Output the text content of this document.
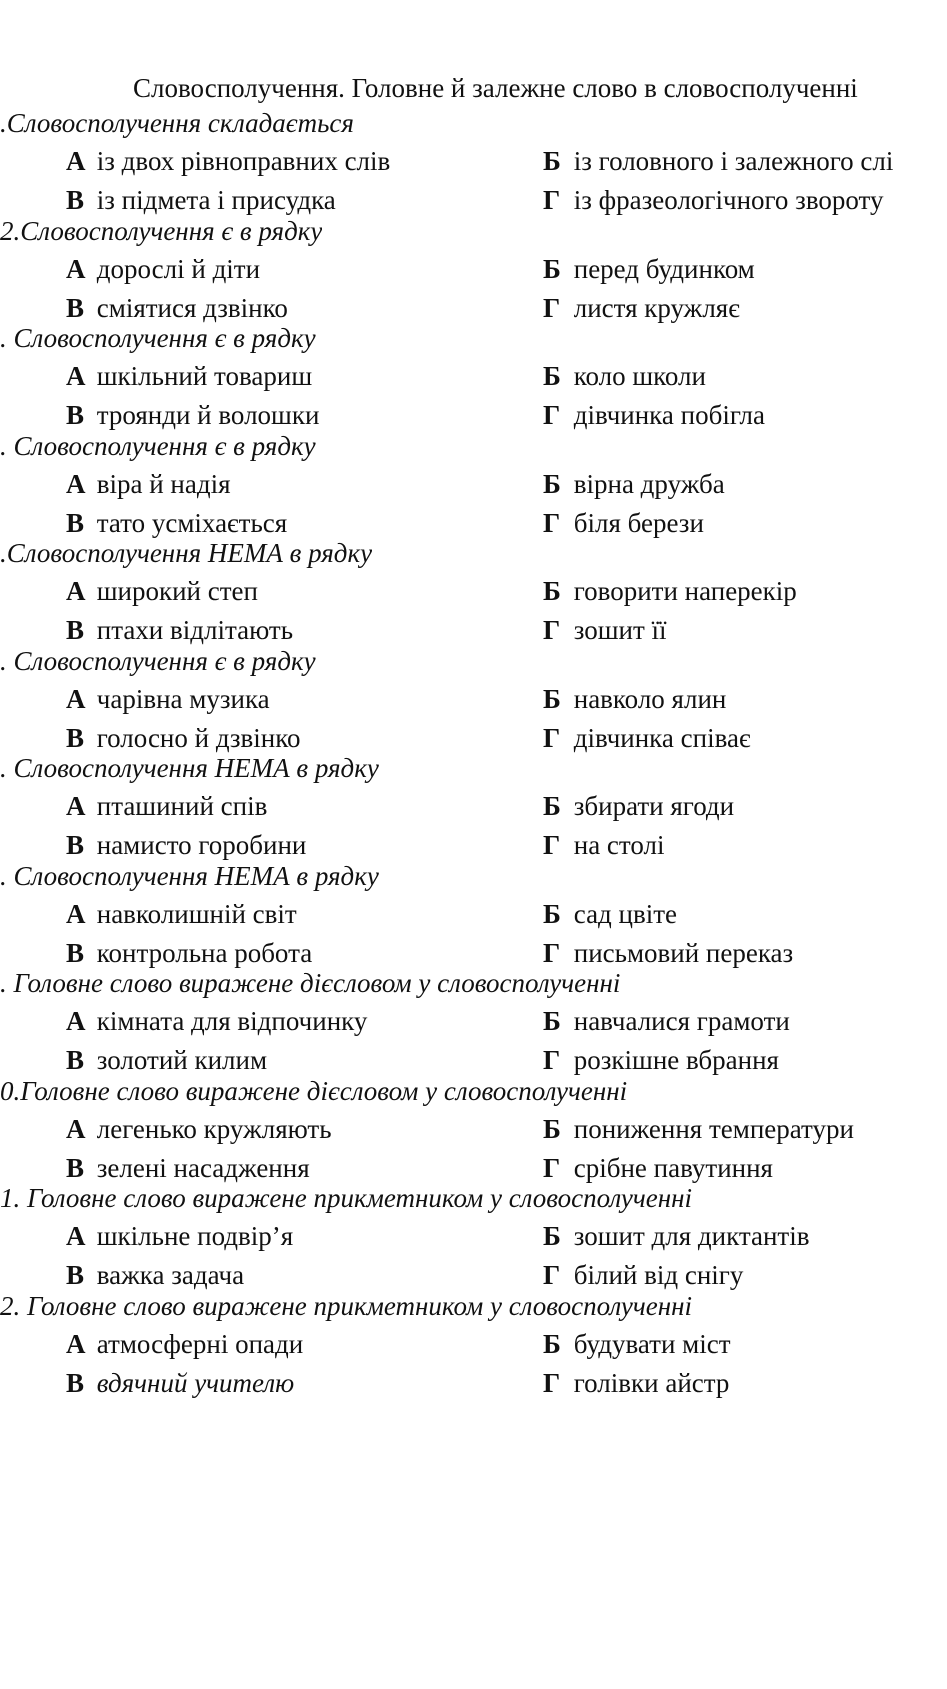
Словосполучення. Головне й залежне слово в словосполученні
.Словосполучення складається
А із двох рівноправних слів	Б із головного і залежного слі
В із підмета і присудка	Г із фразеологічного звороту
2.Словосполучення є в рядку
А дорослі й діти	Б перед будинком
В сміятися дзвінко	Г листя кружляє
. Словосполучення є в рядку
А шкільний товариш	Б коло школи
В троянди й волошки	Г дівчинка побігла
. Словосполучення є в рядку
А віра й надія	Б вірна дружба
В тато усміхається	Г біля берези
.Словосполучення НЕМА в рядку
А широкий степ	Б говорити наперекір
В птахи відлітають	Г зошит її
. Словосполучення є в рядку
А чарівна музика	Б навколо ялин
В голосно й дзвінко	Г дівчинка співає
. Словосполучення НЕМА в рядку
А пташиний спів	Б збирати ягоди
В намисто горобини	Г на столі
. Словосполучення НЕМА в рядку
А навколишній світ	Б сад цвіте
В контрольна робота	Г письмовий переказ
. Головне слово виражене дієсловом у словосполученні
А кімната для відпочинку	Б навчалися грамоти
В золотий килим	Г розкішне вбрання
0.Головне слово виражене дієсловом у словосполученні
А легенько кружляють	Б пониження температури
В зелені насадження	Г срібне павутиння
1. Головне слово виражене прикметником у словосполученні
А шкільне подвір’я	Б зошит для диктантів
В важка задача	Г білий від снігу
2. Головне слово виражене прикметником у словосполученні
А атмосферні опади	Б будувати міст
В вдячний учителю	Г голівки айстр
